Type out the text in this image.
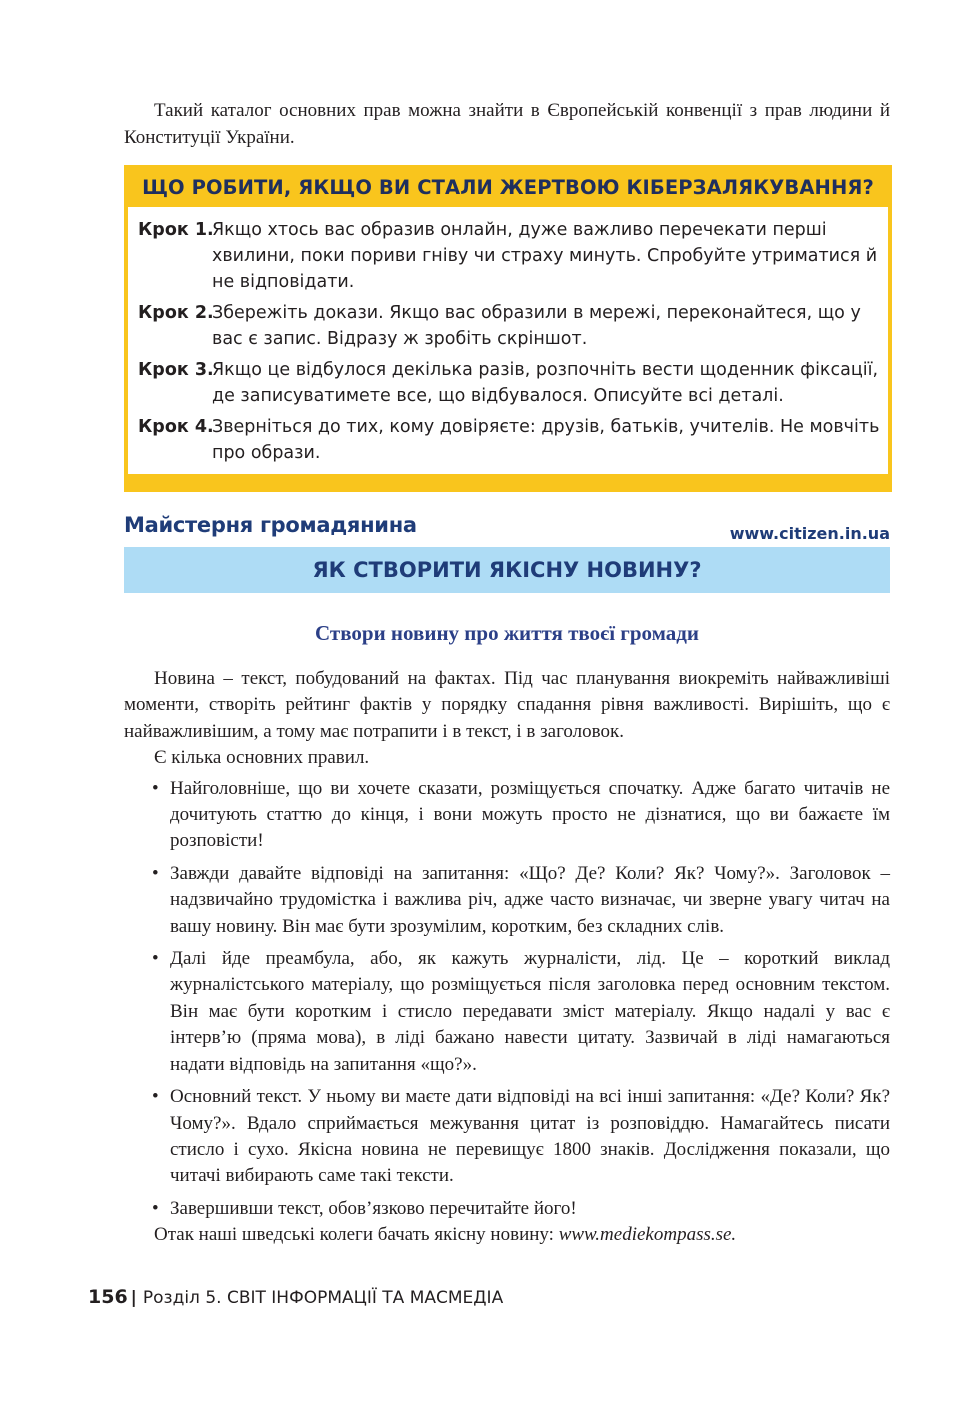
Такий каталог основних прав можна знайти в Європейській конвенції з прав людини й Конституції України.

ЩО РОБИТИ, ЯКЩО ВИ СТАЛИ ЖЕРТВОЮ КІБЕРЗАЛЯКУВАННЯ?
Крок 1.
Якщо хтось вас образив онлайн, дуже важливо перечекати перші хвилини, поки пориви гніву чи страху минуть. Спробуйте утриматися й не відповідати.
Крок 2.
Збережіть докази. Якщо вас образили в мережі, переконайтеся, що у вас є запис. Відразу ж зробіть скріншот.
Крок 3.
Якщо це відбулося декілька разів, розпочніть вести щоденник фіксації, де записуватимете все, що відбувалося. Описуйте всі деталі.
Крок 4.
Зверніться до тих, кому довіряєте: друзів, батьків, учителів. Не мовчіть про образи.
Майстерня громадянина	www.citizen.in.ua
ЯК СТВОРИТИ ЯКІСНУ НОВИНУ?
Створи новину про життя твоєї громади

Новина – текст, побудований на фактах. Під час планування виокреміть найважливіші моменти, створіть рейтинг фактів у порядку спадання рівня важливості. Вирішіть, що є найважливішим, а тому має потрапити і в текст, і в заголовок.

Є кілька основних правил.

• Найголовніше, що ви хочете сказати, розміщується спочатку. Адже багато читачів не дочитують статтю до кінця, і вони можуть просто не дізнатися, що ви бажаєте їм розповісти!
• Завжди давайте відповіді на запитання: «Що? Де? Коли? Як? Чому?». Заголовок – надзвичайно трудомістка і важлива річ, адже часто визначає, чи зверне увагу читач на вашу новину. Він має бути зрозумілим, коротким, без складних слів.
• Далі йде преамбула, або, як кажуть журналісти, лід. Це – короткий виклад журналістського матеріалу, що розміщується після заголовка перед основним текстом. Він має бути коротким і стисло передавати зміст матеріалу. Якщо надалі у вас є інтерв’ю (пряма мова), в ліді бажано навести цитату. Зазвичай в ліді намагаються надати відповідь на запитання «що?».
• Основний текст. У ньому ви маєте дати відповіді на всі інші запитання: «Де? Коли? Як? Чому?». Вдало сприймається межування цитат із розповіддю. Намагайтесь писати стисло і сухо. Якісна новина не перевищує 1800 знаків. Дослідження показали, що читачі вибирають саме такі тексти.
• Завершивши текст, обов’язково перечитайте його!

Отак наші шведські колеги бачать якісну новину: www.mediekompass.se.

156 | Розділ 5. СВІТ ІНФОРМАЦІЇ ТА МАСМЕДІА
